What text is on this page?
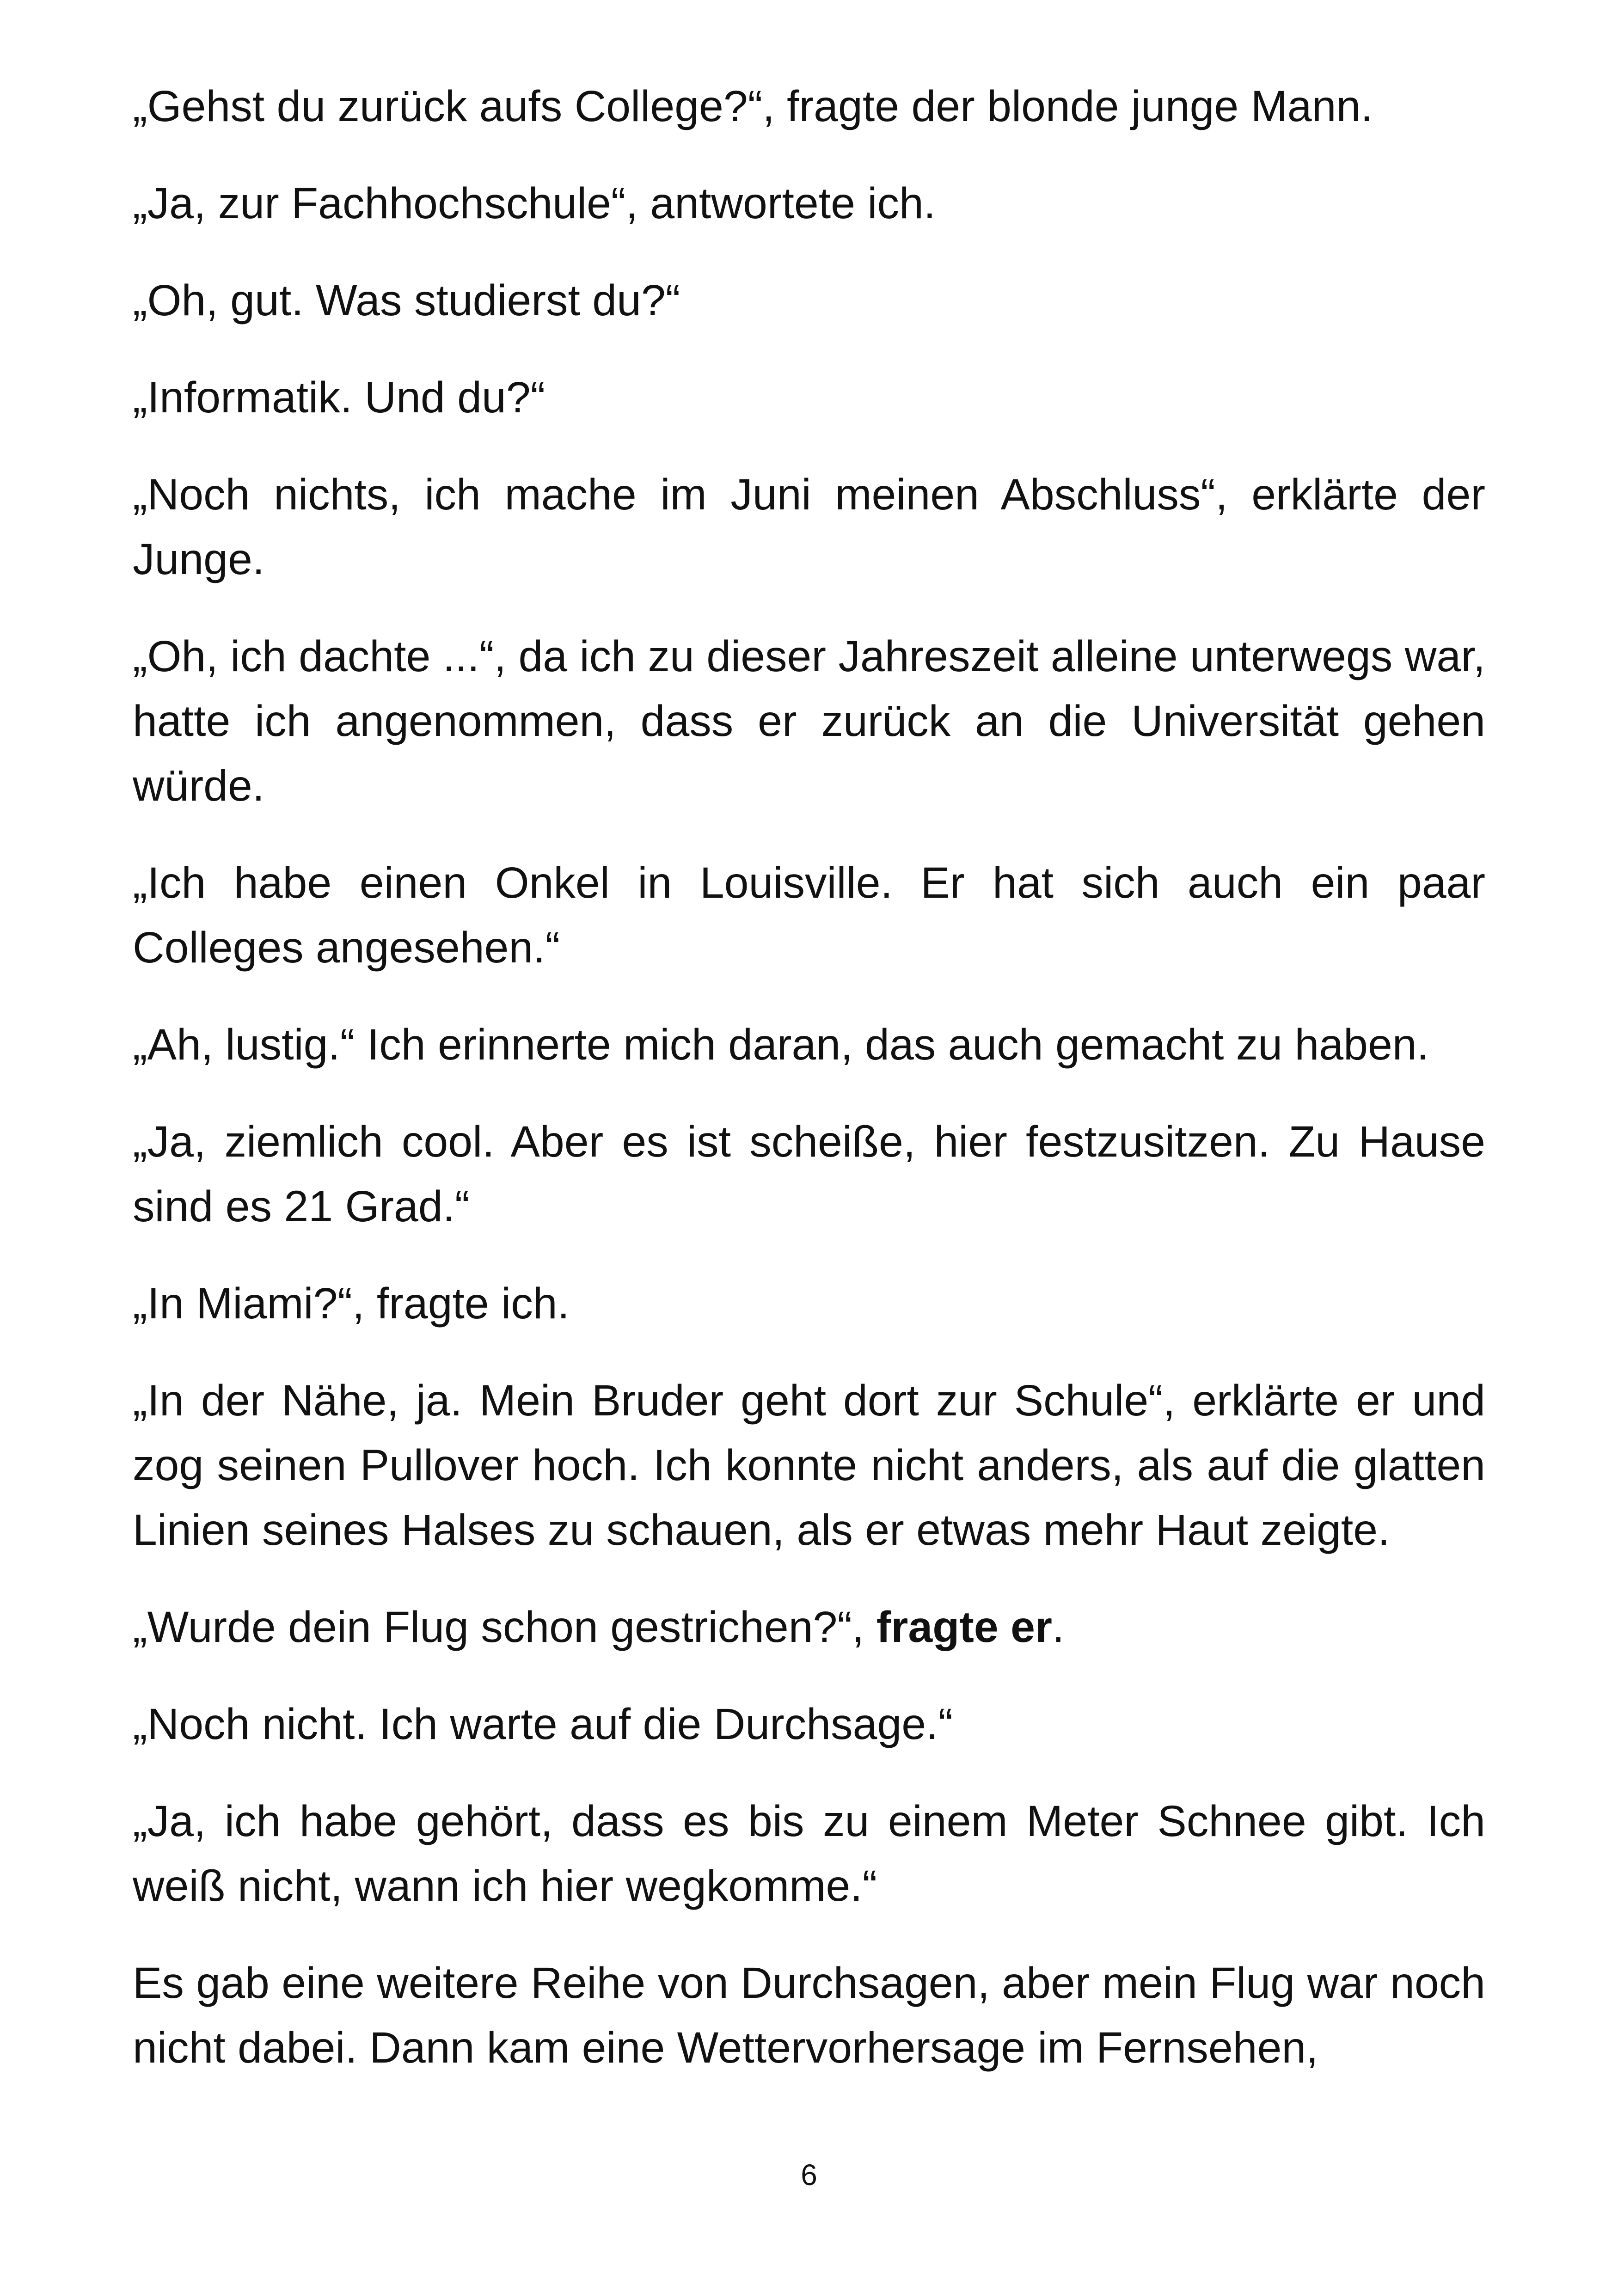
„Gehst du zurück aufs College?“, fragte der blonde junge Mann.

„Ja, zur Fachhochschule“, antwortete ich.

„Oh, gut. Was studierst du?“

„Informatik. Und du?“

„Noch nichts, ich mache im Juni meinen Abschluss“, erklärte der Junge.

„Oh, ich dachte ...“, da ich zu dieser Jahreszeit alleine unterwegs war, hatte ich angenommen, dass er zurück an die Universität gehen würde.

„Ich habe einen Onkel in Louisville. Er hat sich auch ein paar Colleges angesehen.“

„Ah, lustig.“ Ich erinnerte mich daran, das auch gemacht zu haben.

„Ja, ziemlich cool. Aber es ist scheiße, hier festzusitzen. Zu Hause sind es 21 Grad.“

„In Miami?“, fragte ich.

„In der Nähe, ja. Mein Bruder geht dort zur Schule“, erklärte er und zog seinen Pullover hoch. Ich konnte nicht anders, als auf die glatten Linien seines Halses zu schauen, als er etwas mehr Haut zeigte.

„Wurde dein Flug schon gestrichen?“, fragte er.

„Noch nicht. Ich warte auf die Durchsage.“

„Ja, ich habe gehört, dass es bis zu einem Meter Schnee gibt. Ich weiß nicht, wann ich hier wegkomme.“

Es gab eine weitere Reihe von Durchsagen, aber mein Flug war noch nicht dabei. Dann kam eine Wettervorhersage im Fernsehen,

6
